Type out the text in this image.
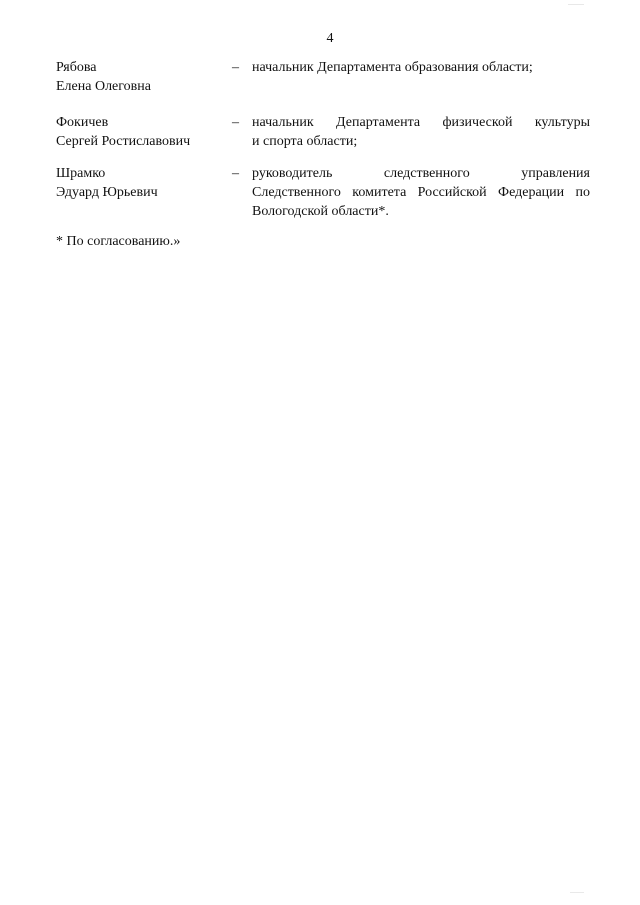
4
Рябова
Елена Олеговна
– начальник Департамента образования области;
Фокичев
Сергей Ростиславович
– начальник Департамента физической культуры
и спорта области;
Шрамко
Эдуард Юрьевич
– руководитель следственного управления
Следственного комитета Российской Федерации по
Вологодской области*.
* По согласованию.»
